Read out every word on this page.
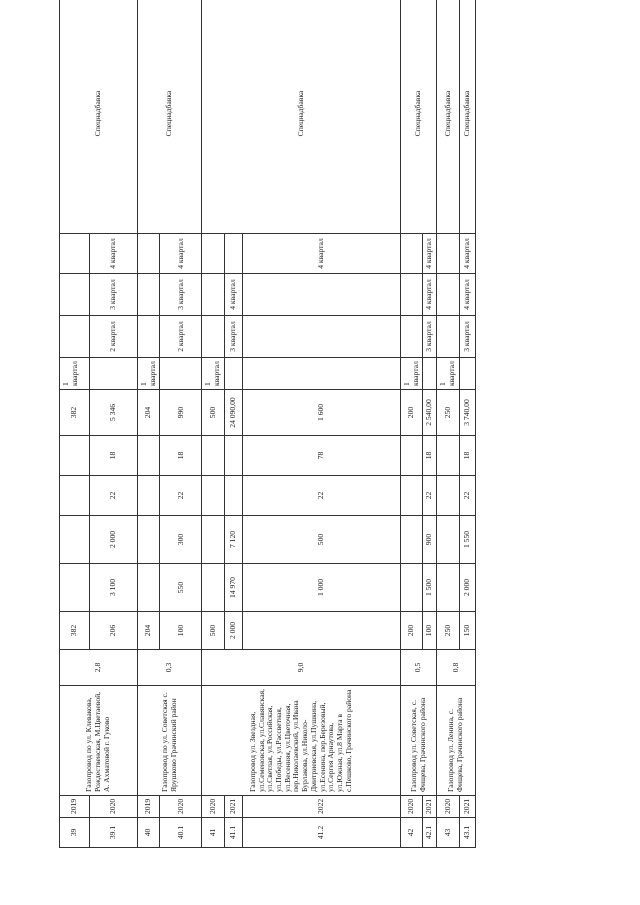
39	2019	Газопровод по ул. Клевакова, Рождественская, М.Цветаевой, А. Ахматовой г. Гуково	2,8	382					382	1 квартал				Спецнадбавка
39.1	2020			206	3 100	2 000	22	18	5 346		2 квартал	3 квартал	4 квартал	
40	2019	Газопровод по ул. Советская с. Ярушково Грачинский район	0,3	204					204	1 квартал				Спецнадбавка
40.1	2020			100	550	300	22	18	990		2 квартал	3 квартал	4 квартал	
41	2020	Газопровод ул. Звездная, ул.Семеновская, ул.Славянская, ул.Светлая, ул.Российская, ул.Победы, ул.Рассветная, ул.Весенняя, ул.Цветочная, пер.Николаевский, ул.Ивана Бурлакова, ул.Николо-Дмитриевская, ул.Пушкина, ул.Есенина, пер.Березовый, ул.Сергея Арнаутова, ул.Южная, ул.8 Марта в с.Пешково, Грачинского района	9,0	500					500	1 квартал				Спецнадбавка
41.1	2021			2 000	14 970	7 120			24 090,00		3 квартал	4 квартал		
41.2	2022				1 000	500	22	78	1 600				4 квартал	
42	2020	Газопровод ул. Советская, с. Фищева, Грачинского района	0,5	200					200	1 квартал				Спецнадбавка
42.1	2021			100	1 500	900	22	18	2 540,00		3 квартал	4 квартал	4 квартал	
43	2020	Газопровод ул. Ленина, с. Фищева, Грачинского района	0,8	250					250	1 квартал				Спецнадбавка
43.1	2021			150	2 000	1 550	22	18	3 740,00		3 квартал	4 квартал	4 квартал	Спецнадбавка
